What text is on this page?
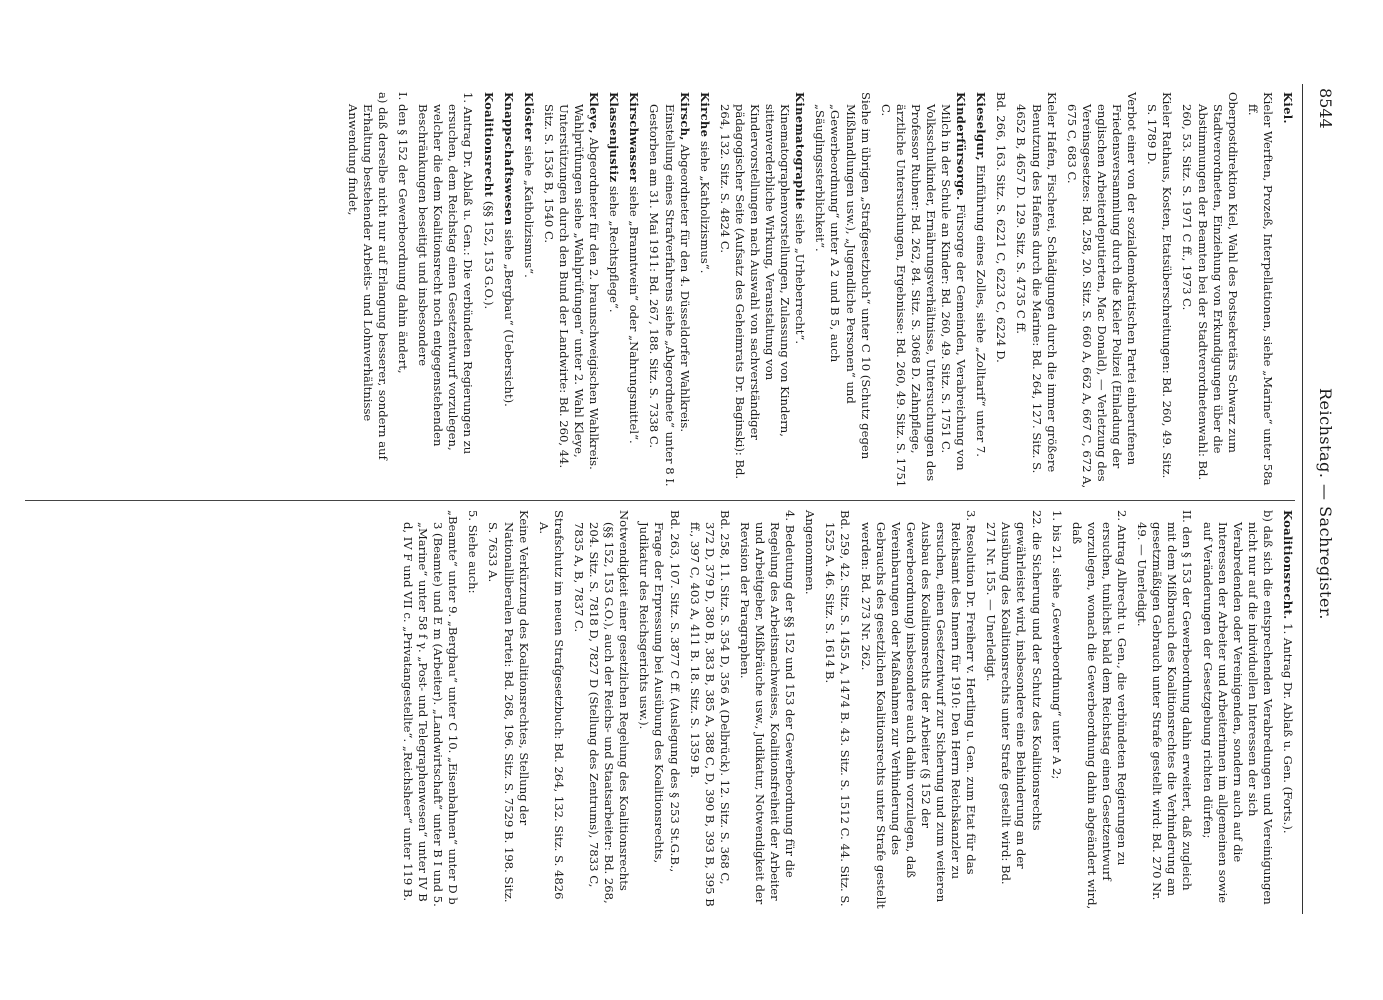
8544
Reichstag. — Sachregister.
Kiel.
Kieler Werften, Prozeß, Interpellationen, siehe „Marine“ unter 58a ff.
Oberpostdirektion Kiel, Wahl des Postsekretärs Schwarz zum Stadtverordneten, Einziehung von Erkundigungen über die Abstimmungen der Beamten bei der Stadtverordnetenwahl: Bd. 260, 53. Sitz. S. 1971 C ff., 1973 C.
Kieler Rathaus, Kosten, Etatsüberschreitungen: Bd. 260, 49. Sitz. S. 1789 D.
Verbot einer von der sozialdemokratischen Partei einberufenen Friedensversammlung durch die Kieler Polizei (Einladung der englischen Arbeiterdeputierten, Mac Donald), — Verletzung des Vereinsgesetzes: Bd. 258, 20. Sitz. S. 660 A, 662 A, 667 C, 672 A, 675 C, 683 C.
Kieler Hafen, Fischerei, Schädigungen durch die immer größere Benutzung des Hafens durch die Marine: Bd. 264, 127. Sitz. S. 4652 B, 4657 D. 129. Sitz. S. 4735 C ff.
Bd. 266, 163. Sitz. S. 6221 C, 6223 C, 6224 D.
Kieselgur, Einführung eines Zolles, siehe „Zolltarif“ unter 7.
Kinderfürsorge. Fürsorge der Gemeinden, Verabreichung von Milch in der Schule an Kinder: Bd. 260, 49. Sitz. S. 1751 C. Volksschulkinder, Ernährungsverhältnisse, Untersuchungen des Professor Rubner: Bd. 262, 84. Sitz. S. 3068 D. Zahnpflege, ärztliche Untersuchungen, Ergebnisse: Bd. 260, 49. Sitz. S. 1751 C.
Siehe im übrigen „Strafgesetzbuch“ unter C 10 (Schutz gegen Mißhandlungen usw.), „Jugendliche Personen“ und „Gewerbeordnung“ unter A 2 und B 5, auch „Säuglingssterblichkeit“.
Kinematographie siehe „Urheberrecht“. Kinematographenvorstellungen, Zulassung von Kindern, sittenverderbliche Wirkung, Veranstaltung von Kindervorstellungen nach Auswahl von sachverständiger pädagogischer Seite (Aufsatz des Geheimrats Dr. Baginski): Bd. 264, 132. Sitz. S. 4824 C.
Kirche siehe „Katholizismus“.
Kirsch, Abgeordneter für den 4. Düsseldorfer Wahlkreis. Einstellung eines Strafverfahrens siehe „Abgeordnete“ unter 8 I. Gestorben am 31. Mai 1911: Bd. 267, 188. Sitz. S. 7338 C.
Kirschwasser siehe „Branntwein“ oder „Nahrungsmittel“.
Klassenjustiz siehe „Rechtspflege“.
Kleye, Abgeordneter für den 2. braunschweigischen Wahlkreis. Wahlprüfungen siehe „Wahlprüfungen“ unter 2. Wahl Kleye, Unterstützungen durch den Bund der Landwirte: Bd. 260, 44. Sitz. S. 1536 B, 1540 C.
Klöster siehe „Katholizismus“.
Knappschaftswesen siehe „Bergbau“ (Uebersicht).
Koalitionsrecht (§§ 152, 153 G.O.).
1. Antrag Dr. Ablaß u. Gen.: Die verbündeten Regierungen zu ersuchen, dem Reichstag einen Gesetzentwurf vorzulegen, welcher die dem Koalitionsrecht noch entgegenstehenden Beschränkungen beseitigt und insbesondere
I. den § 152 der Gewerbeordnung dahin ändert,
a) daß derselbe nicht nur auf Erlangung besserer, sondern auf Erhaltung bestehender Arbeits- und Lohnverhältnisse Anwendung findet,
Koalitionsrecht. 1. Antrag Dr. Ablaß u. Gen. (Forts.).
b) daß sich die entsprechenden Verabredungen und Vereinigungen nicht nur auf die individuellen Interessen der sich Verabredenden oder Vereinigenden, sondern auch auf die Interessen der Arbeiter und Arbeiterinnen im allgemeinen sowie auf Veränderungen der Gesetzgebung richten dürfen;
II. den § 153 der Gewerbeordnung dahin erweitert, daß zugleich mit dem Mißbrauch des Koalitionsrechtes die Verhinderung am gesetzmäßigen Gebrauch unter Strafe gestellt wird: Bd. 270 Nr. 49. — Unerledigt.
2. Antrag Albrecht u. Gen., die verbündeten Regierungen zu ersuchen, tunlichst bald dem Reichstag einen Gesetzentwurf vorzulegen, wonach die Gewerbeordnung dahin abgeändert wird, daß
1. bis 21. siehe „Gewerbeordnung“ unter A 2;
22. die Sicherung und der Schutz des Koalitionsrechts gewährleistet wird, insbesondere eine Behinderung an der Ausübung des Koalitionsrechts unter Strafe gestellt wird: Bd. 271 Nr. 155. — Unerledigt.
3. Resolution Dr. Freiherr v. Hertling u. Gen. zum Etat für das Reichsamt des Innern für 1910: Den Herrn Reichskanzler zu ersuchen, einen Gesetzentwurf zur Sicherung und zum weiteren Ausbau des Koalitionsrechts der Arbeiter (§ 152 der Gewerbeordnung) insbesondere auch dahin vorzulegen, daß Vereinbarungen oder Maßnahmen zur Verhinderung des Gebrauchs des gesetzlichen Koalitionsrechts unter Strafe gestellt werden: Bd. 273 Nr. 262.
Bd. 259, 42. Sitz. S. 1455 A, 1474 B. 43. Sitz. S. 1512 C. 44. Sitz. S. 1525 A. 46. Sitz. S. 1614 B.
Angenommen.
4. Bedeutung der §§ 152 und 153 der Gewerbeordnung für die Regelung des Arbeitsnachweises, Koalitionsfreiheit der Arbeiter und Arbeitgeber, Mißbräuche usw., Judikatur, Notwendigkeit der Revision der Paragraphen.
Bd. 258, 11. Sitz. S. 354 D, 356 A (Delbrück). 12. Sitz. S. 368 C, 372 D, 379 D, 380 B, 383 B, 385 A, 388 C, D, 390 B, 393 B, 395 B ff., 397 C, 403 A, 411 B. 18. Sitz. S. 1359 B.
Bd. 263, 107. Sitz. S. 3877 C ff. (Auslegung des § 253 St.G.B., Frage der Erpressung bei Ausübung des Koalitionsrechts, Judikatur des Reichsgerichts usw.).
Notwendigkeit einer gesetzlichen Regelung des Koalitionsrechts (§§ 152, 153 G.O.), auch der Reichs- und Staatsarbeiter: Bd. 268, 204. Sitz. S. 7818 D, 7827 D (Stellung des Zentrums), 7833 C, 7835 A, B, 7837 C.
Strafschutz im neuen Strafgesetzbuch: Bd. 264, 132. Sitz. S. 4826 A.
Keine Verkürzung des Koalitionsrechtes, Stellung der Nationalliberalen Partei: Bd. 268, 196. Sitz. S. 7529 B. 198. Sitz. S. 7633 A.
5. Siehe auch:
„Beamte“ unter 9. „Bergbau“ unter C 10. „Eisenbahnen“ unter D b 3 (Beamte) und E m (Arbeiter). „Landwirtschaft“ unter B I und 5. „Marine“ unter 58 f γ. „Post- und Telegraphenwesen“ unter IV B d, IV F und VII c. „Privatangestellte“. „Reichsheer“ unter 119 B.
